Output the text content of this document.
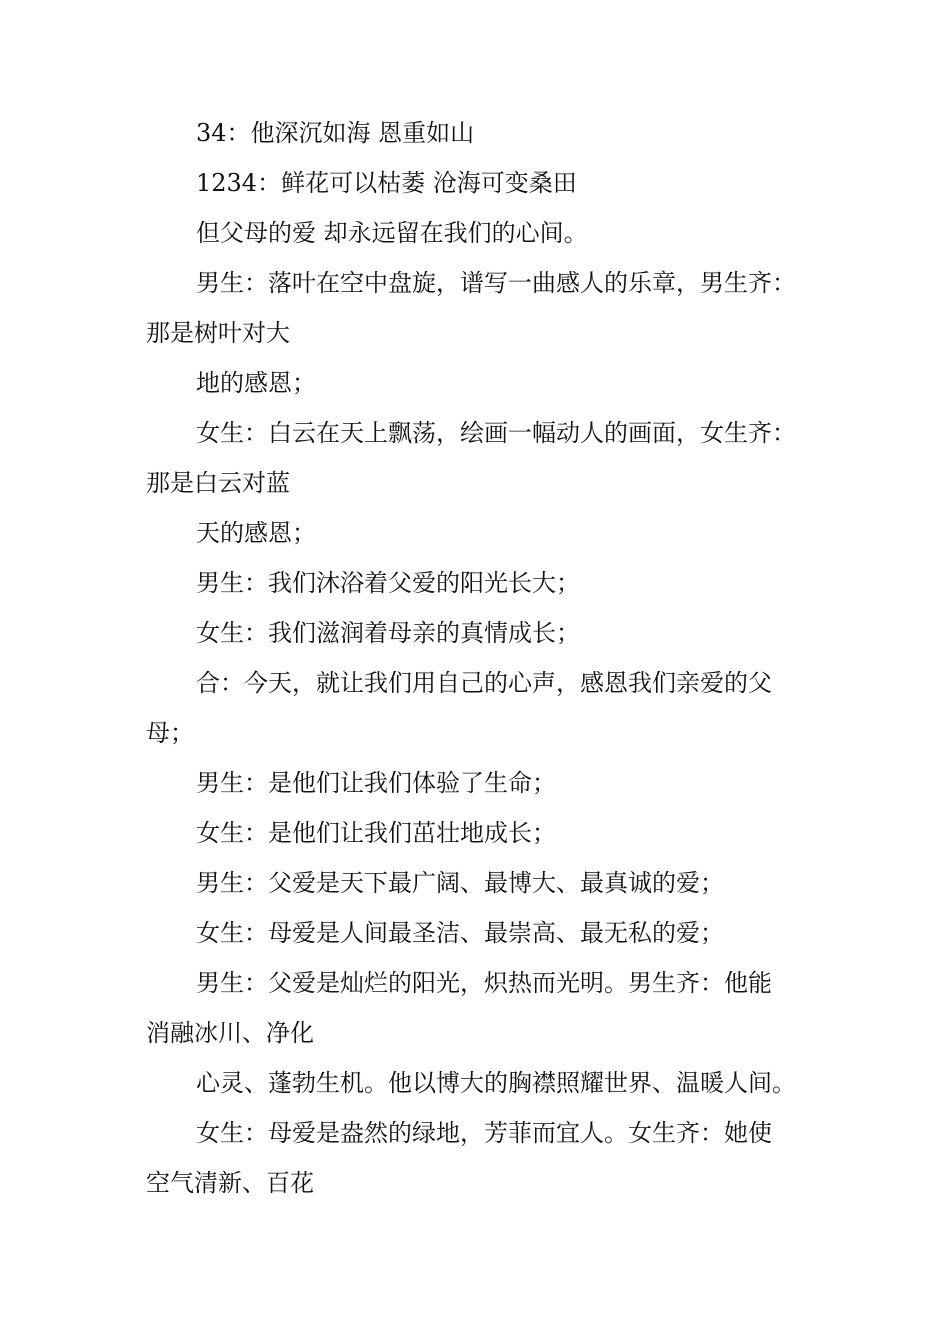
34：他深沉如海 恩重如山
1234：鲜花可以枯萎 沧海可变桑田
但父母的爱 却永远留在我们的心间。
男生：落叶在空中盘旋，谱写一曲感人的乐章，男生齐：
那是树叶对大
地的感恩；
女生：白云在天上飘荡，绘画一幅动人的画面，女生齐：
那是白云对蓝
天的感恩；
男生：我们沐浴着父爱的阳光长大；
女生：我们滋润着母亲的真情成长；
合：今天，就让我们用自己的心声，感恩我们亲爱的父
母；
男生：是他们让我们体验了生命；
女生：是他们让我们茁壮地成长；
男生：父爱是天下最广阔、最博大、最真诚的爱；
女生：母爱是人间最圣洁、最崇高、最无私的爱；
男生：父爱是灿烂的阳光，炽热而光明。男生齐：他能
消融冰川、净化
心灵、蓬勃生机。他以博大的胸襟照耀世界、温暖人间。
女生：母爱是盎然的绿地，芳菲而宜人。女生齐：她使
空气清新、百花
